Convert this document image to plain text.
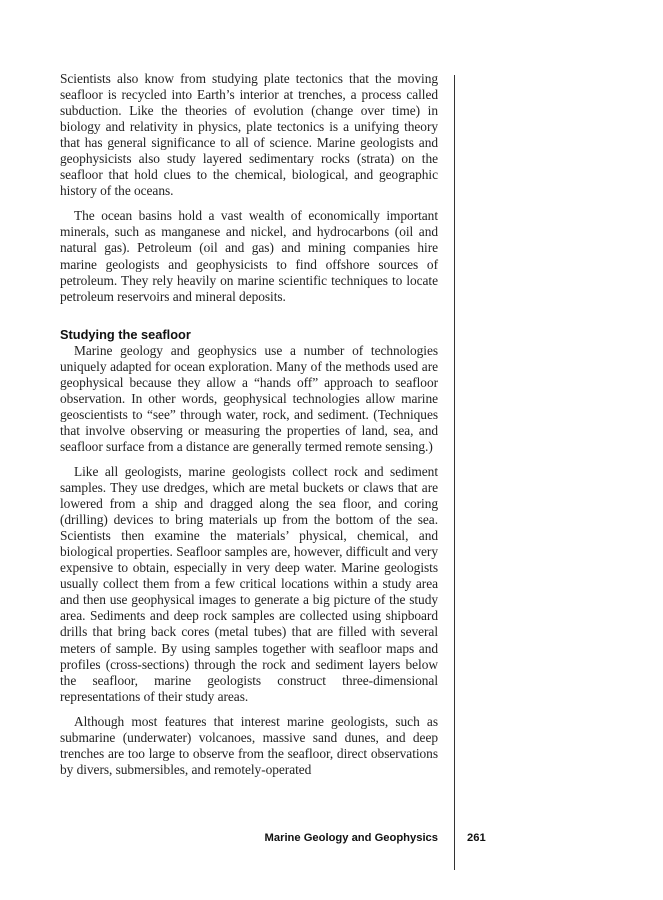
Scientists also know from studying plate tectonics that the moving seafloor is recycled into Earth’s interior at trenches, a process called subduction. Like the theories of evolution (change over time) in biology and relativity in physics, plate tectonics is a unifying theory that has general significance to all of science. Marine geologists and geophysicists also study layered sedimentary rocks (strata) on the seafloor that hold clues to the chemical, biological, and geographic history of the oceans.

The ocean basins hold a vast wealth of economically important minerals, such as manganese and nickel, and hydrocarbons (oil and natural gas). Petroleum (oil and gas) and mining companies hire marine geologists and geophysicists to find offshore sources of petroleum. They rely heavily on marine scientific techniques to locate petroleum reservoirs and mineral deposits.

Studying the seafloor

Marine geology and geophysics use a number of technologies uniquely adapted for ocean exploration. Many of the methods used are geophysical because they allow a “hands off” approach to seafloor observation. In other words, geophysical technologies allow marine geoscientists to “see” through water, rock, and sediment. (Techniques that involve observing or measuring the properties of land, sea, and seafloor surface from a distance are generally termed remote sensing.)

Like all geologists, marine geologists collect rock and sediment samples. They use dredges, which are metal buckets or claws that are lowered from a ship and dragged along the sea floor, and coring (drilling) devices to bring materials up from the bottom of the sea. Scientists then examine the materials’ physical, chemical, and biological properties. Seafloor samples are, however, difficult and very expensive to obtain, especially in very deep water. Marine geologists usually collect them from a few critical locations within a study area and then use geophysical images to generate a big picture of the study area. Sediments and deep rock samples are collected using shipboard drills that bring back cores (metal tubes) that are filled with several meters of sample. By using samples together with seafloor maps and profiles (cross-sections) through the rock and sediment layers below the seafloor, marine geologists construct three-dimensional representations of their study areas.

Although most features that interest marine geologists, such as submarine (underwater) volcanoes, massive sand dunes, and deep trenches are too large to observe from the seafloor, direct observations by divers, submersibles, and remotely-operated

Marine Geology and Geophysics	261
